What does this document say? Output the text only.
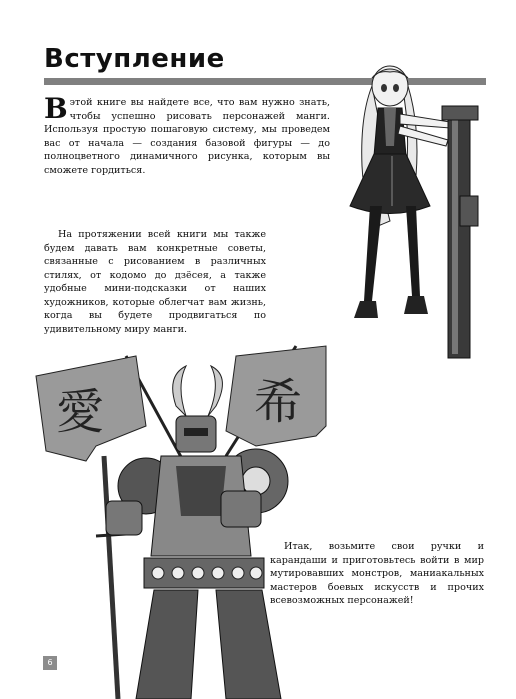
Вступление
Вэтой книге вы найдете все, что вам нужно знать, чтобы успешно рисовать персонажей манги. Используя простую пошаговую систему, мы проведем вас от начала — создания базовой фигуры — до полноцветного динамичного рисунка, которым вы сможете гордиться.
На протяжении всей книги мы также будем давать вам конкретные советы, связанные с рисованием в различных стилях, от кодомо до дзёсея, а также удобные мини-подсказки от наших художников, которые облегчат вам жизнь, когда вы будете продвигаться по удивительному миру манги.
Итак, возьмите свои ручки и карандаши и приготовьтесь войти в мир мутировавших монстров, маниакальных мастеров боевых искусств и прочих всевозможных персонажей!
愛	希
6
